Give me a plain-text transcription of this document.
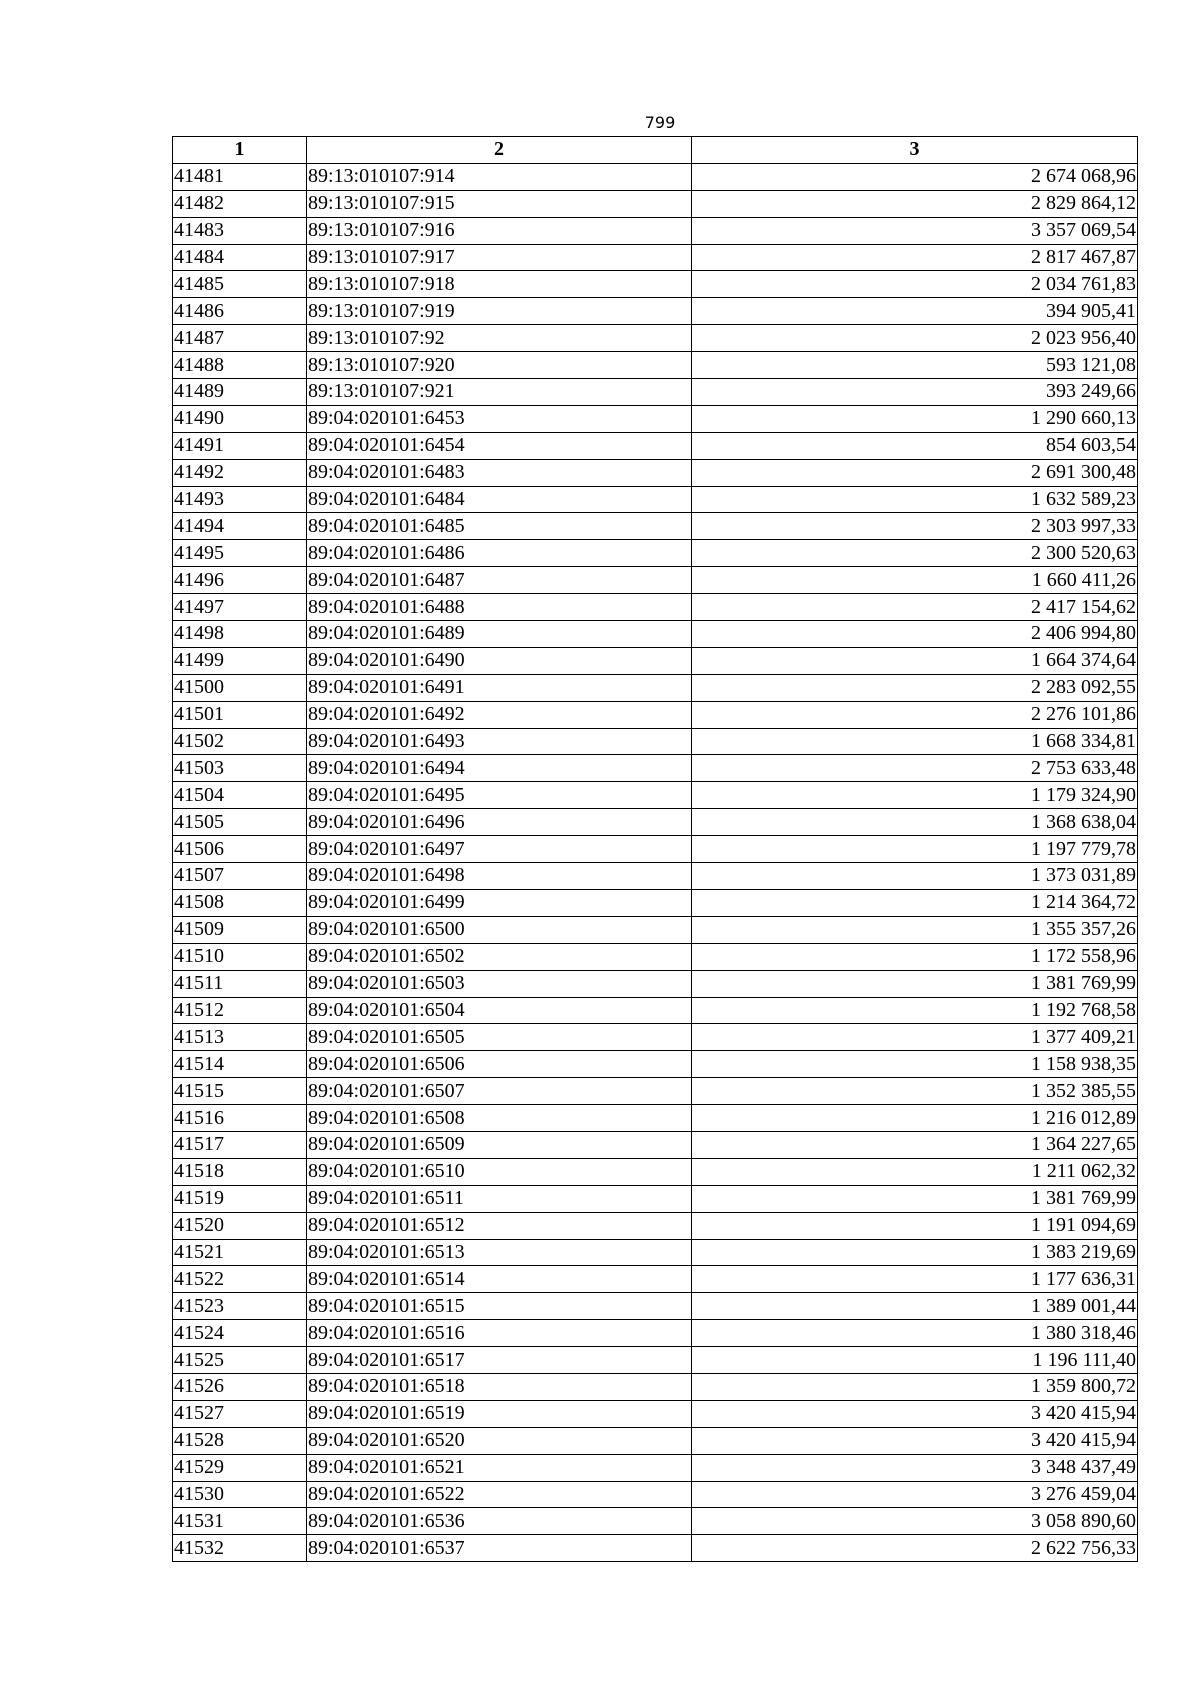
799
1	2	3
41481	89:13:010107:914	2 674 068,96
41482	89:13:010107:915	2 829 864,12
41483	89:13:010107:916	3 357 069,54
41484	89:13:010107:917	2 817 467,87
41485	89:13:010107:918	2 034 761,83
41486	89:13:010107:919	394 905,41
41487	89:13:010107:92	2 023 956,40
41488	89:13:010107:920	593 121,08
41489	89:13:010107:921	393 249,66
41490	89:04:020101:6453	1 290 660,13
41491	89:04:020101:6454	854 603,54
41492	89:04:020101:6483	2 691 300,48
41493	89:04:020101:6484	1 632 589,23
41494	89:04:020101:6485	2 303 997,33
41495	89:04:020101:6486	2 300 520,63
41496	89:04:020101:6487	1 660 411,26
41497	89:04:020101:6488	2 417 154,62
41498	89:04:020101:6489	2 406 994,80
41499	89:04:020101:6490	1 664 374,64
41500	89:04:020101:6491	2 283 092,55
41501	89:04:020101:6492	2 276 101,86
41502	89:04:020101:6493	1 668 334,81
41503	89:04:020101:6494	2 753 633,48
41504	89:04:020101:6495	1 179 324,90
41505	89:04:020101:6496	1 368 638,04
41506	89:04:020101:6497	1 197 779,78
41507	89:04:020101:6498	1 373 031,89
41508	89:04:020101:6499	1 214 364,72
41509	89:04:020101:6500	1 355 357,26
41510	89:04:020101:6502	1 172 558,96
41511	89:04:020101:6503	1 381 769,99
41512	89:04:020101:6504	1 192 768,58
41513	89:04:020101:6505	1 377 409,21
41514	89:04:020101:6506	1 158 938,35
41515	89:04:020101:6507	1 352 385,55
41516	89:04:020101:6508	1 216 012,89
41517	89:04:020101:6509	1 364 227,65
41518	89:04:020101:6510	1 211 062,32
41519	89:04:020101:6511	1 381 769,99
41520	89:04:020101:6512	1 191 094,69
41521	89:04:020101:6513	1 383 219,69
41522	89:04:020101:6514	1 177 636,31
41523	89:04:020101:6515	1 389 001,44
41524	89:04:020101:6516	1 380 318,46
41525	89:04:020101:6517	1 196 111,40
41526	89:04:020101:6518	1 359 800,72
41527	89:04:020101:6519	3 420 415,94
41528	89:04:020101:6520	3 420 415,94
41529	89:04:020101:6521	3 348 437,49
41530	89:04:020101:6522	3 276 459,04
41531	89:04:020101:6536	3 058 890,60
41532	89:04:020101:6537	2 622 756,33
